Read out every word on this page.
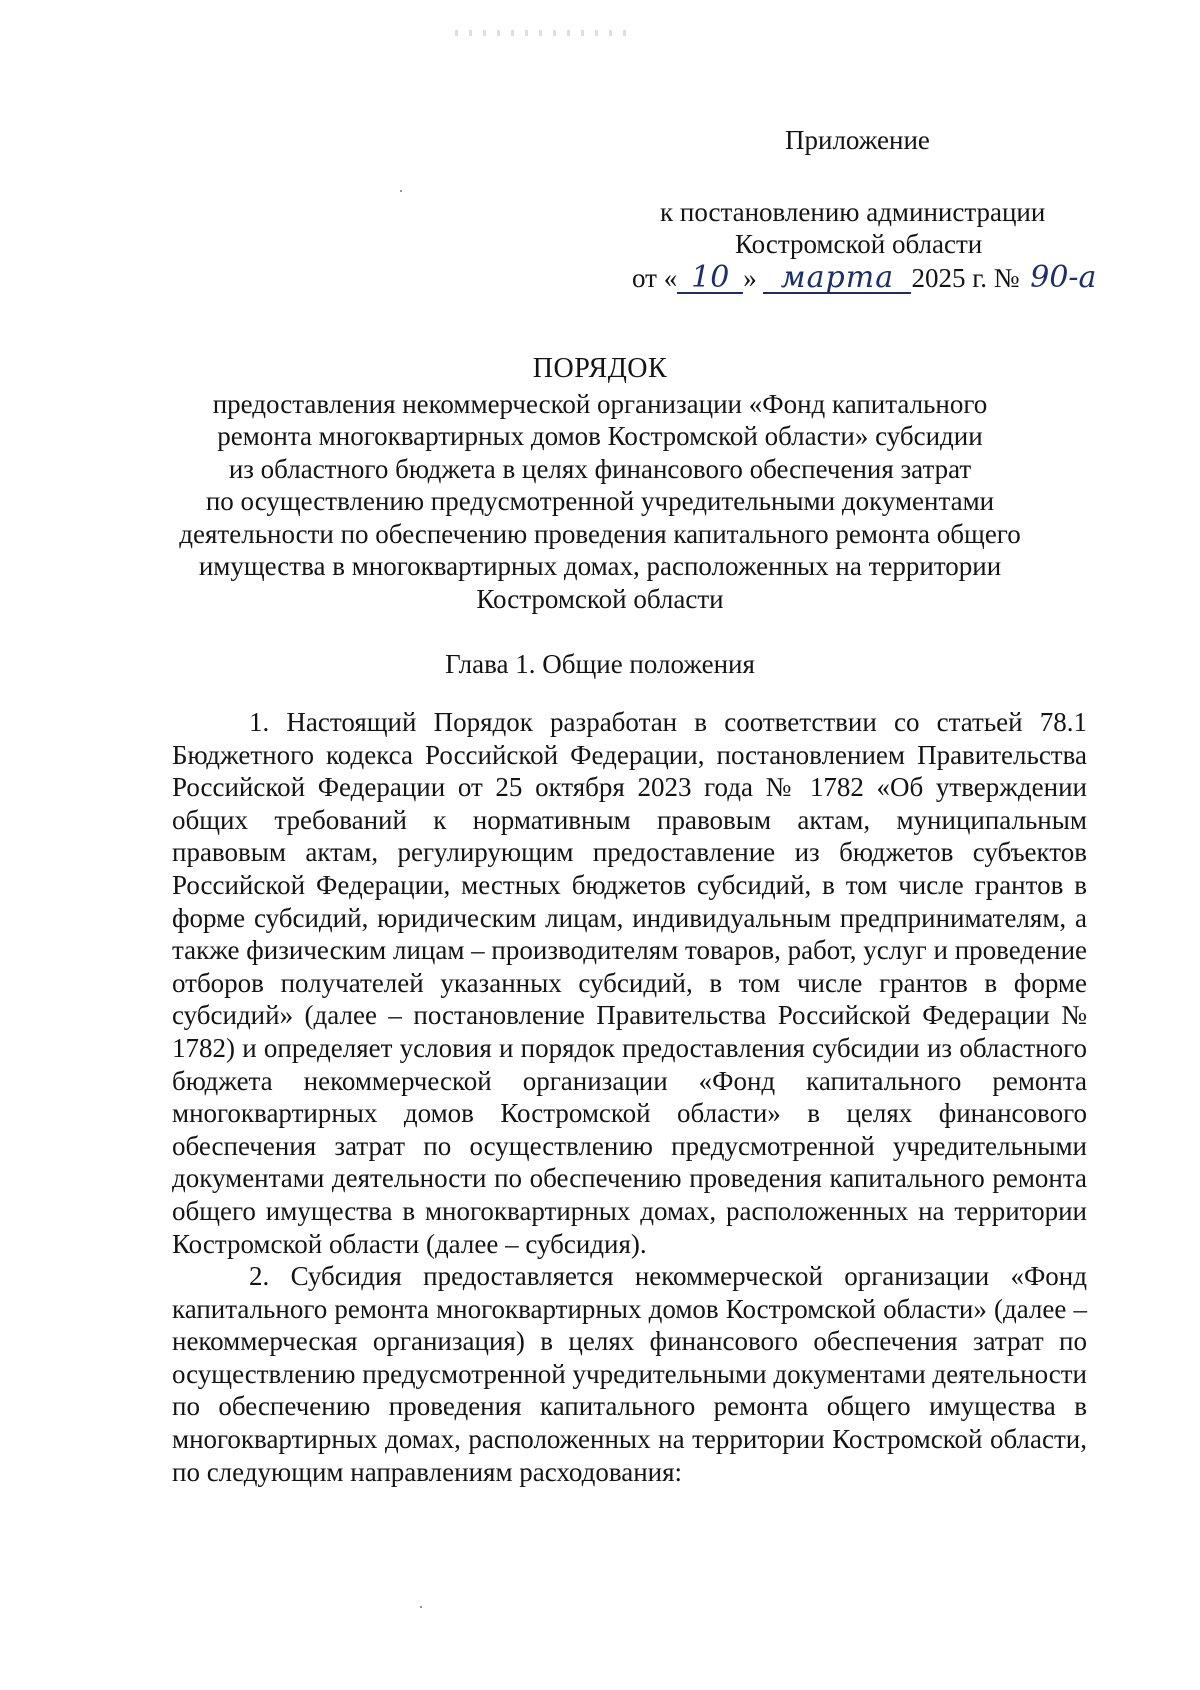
Приложение
к постановлению администрации
Костромской области
от « 10 » марта 2025 г. № 90-а
ПОРЯДОК
предоставления некоммерческой организации «Фонд капитального
ремонта многоквартирных домов Костромской области» субсидии
из областного бюджета в целях финансового обеспечения затрат
по осуществлению предусмотренной учредительными документами
деятельности по обеспечению проведения капитального ремонта общего
имущества в многоквартирных домах, расположенных на территории
Костромской области
Глава 1. Общие положения

1. Настоящий Порядок разработан в соответствии со статьей 78.1 Бюджетного кодекса Российской Федерации, постановлением Правительства Российской Федерации от 25 октября 2023 года № 1782 «Об утверждении общих требований к нормативным правовым актам, муниципальным правовым актам, регулирующим предоставление из бюджетов субъектов Российской Федерации, местных бюджетов субсидий, в том числе грантов в форме субсидий, юридическим лицам, индивидуальным предпринимателям, а также физическим лицам – производителям товаров, работ, услуг и проведение отборов получателей указанных субсидий, в том числе грантов в форме субсидий» (далее – постановление Правительства Российской Федерации № 1782) и определяет условия и порядок предоставления субсидии из областного бюджета некоммерческой организации «Фонд капитального ремонта многоквартирных домов Костромской области» в целях финансового обеспечения затрат по осуществлению предусмотренной учредительными документами деятельности по обеспечению проведения капитального ремонта общего имущества в многоквартирных домах, расположенных на территории Костромской области (далее – субсидия).

2. Субсидия предоставляется некоммерческой организации «Фонд капитального ремонта многоквартирных домов Костромской области» (далее – некоммерческая организация) в целях финансового обеспечения затрат по осуществлению предусмотренной учредительными документами деятельности по обеспечению проведения капитального ремонта общего имущества в многоквартирных домах, расположенных на территории Костромской области, по следующим направлениям расходования:
